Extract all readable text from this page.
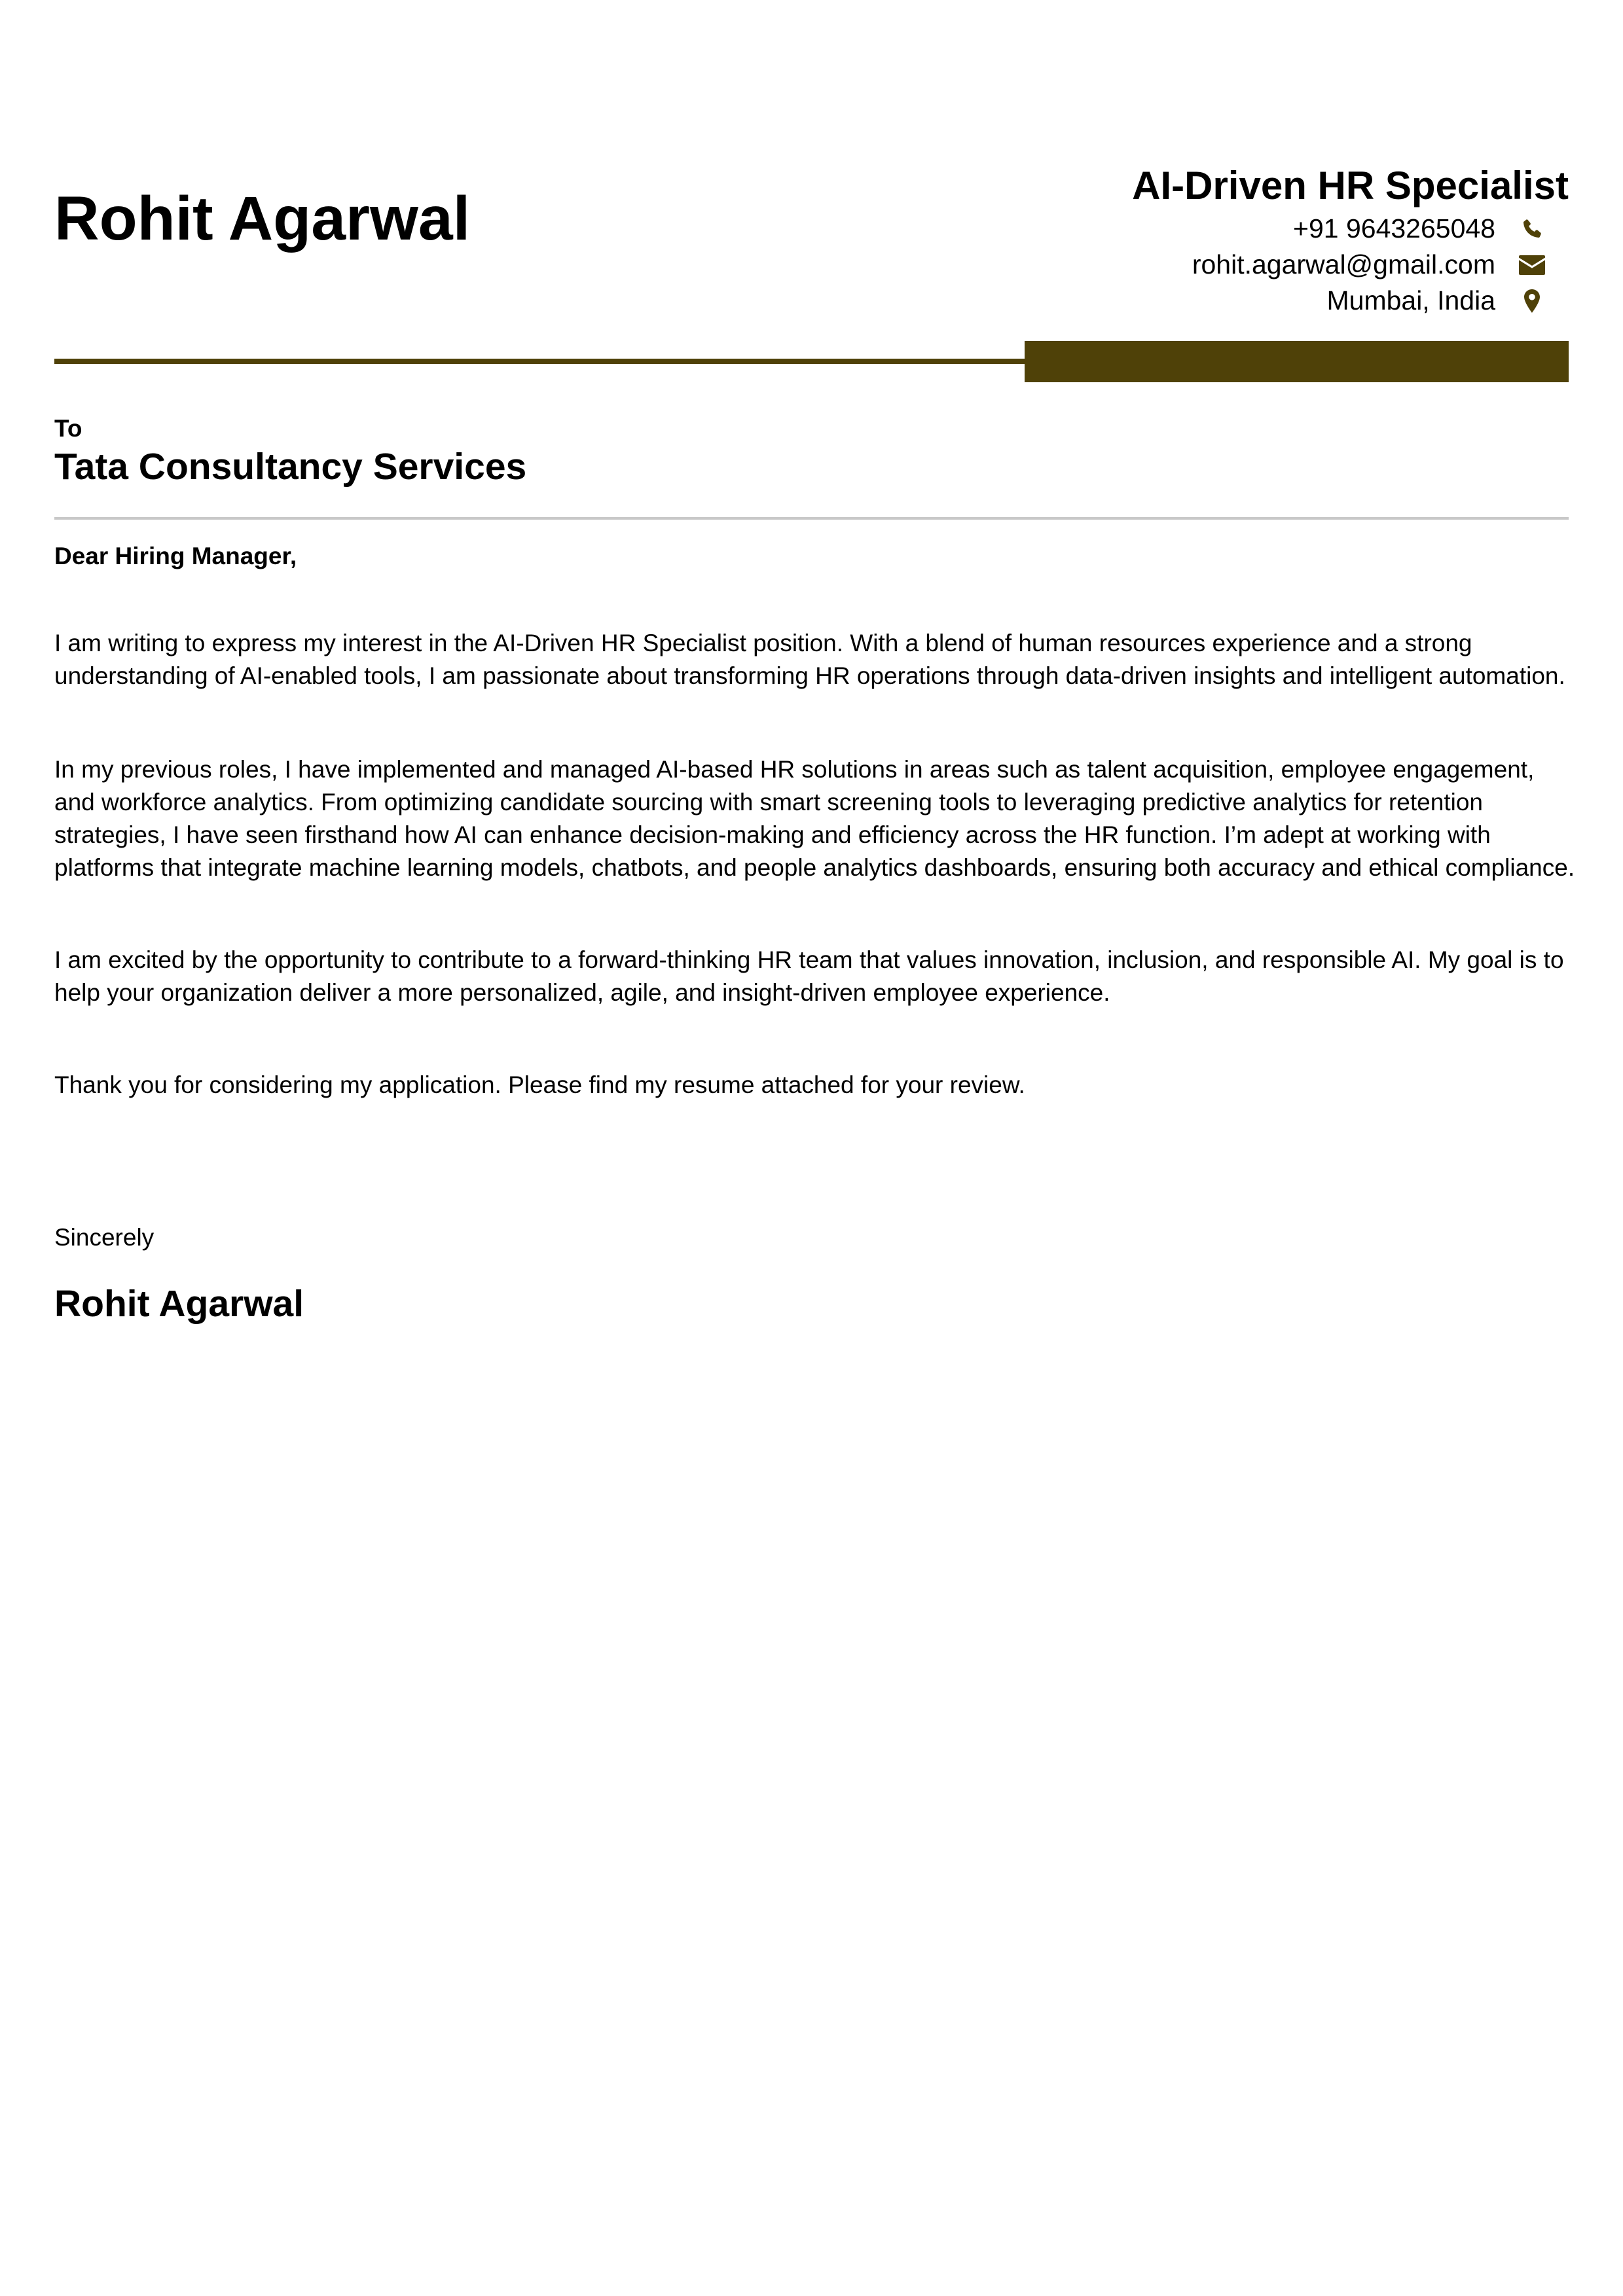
Rohit Agarwal	AI-Driven HR Specialist
+91 9643265048
rohit.agarwal@gmail.com
Mumbai, India
To
Tata Consultancy Services
Dear Hiring Manager,

I am writing to express my interest in the AI-Driven HR Specialist position. With a blend of human resources experience and a strong understanding of AI-enabled tools, I am passionate about transforming HR operations through data-driven insights and intelligent automation.

In my previous roles, I have implemented and managed AI-based HR solutions in areas such as talent acquisition, employee engagement, and workforce analytics. From optimizing candidate sourcing with smart screening tools to leveraging predictive analytics for retention strategies, I have seen firsthand how AI can enhance decision-making and efficiency across the HR function. I’m adept at working with platforms that integrate machine learning models, chatbots, and people analytics dashboards, ensuring both accuracy and ethical compliance.

I am excited by the opportunity to contribute to a forward-thinking HR team that values innovation, inclusion, and responsible AI. My goal is to help your organization deliver a more personalized, agile, and insight-driven employee experience.

Thank you for considering my application. Please find my resume attached for your review.

Sincerely
Rohit Agarwal
